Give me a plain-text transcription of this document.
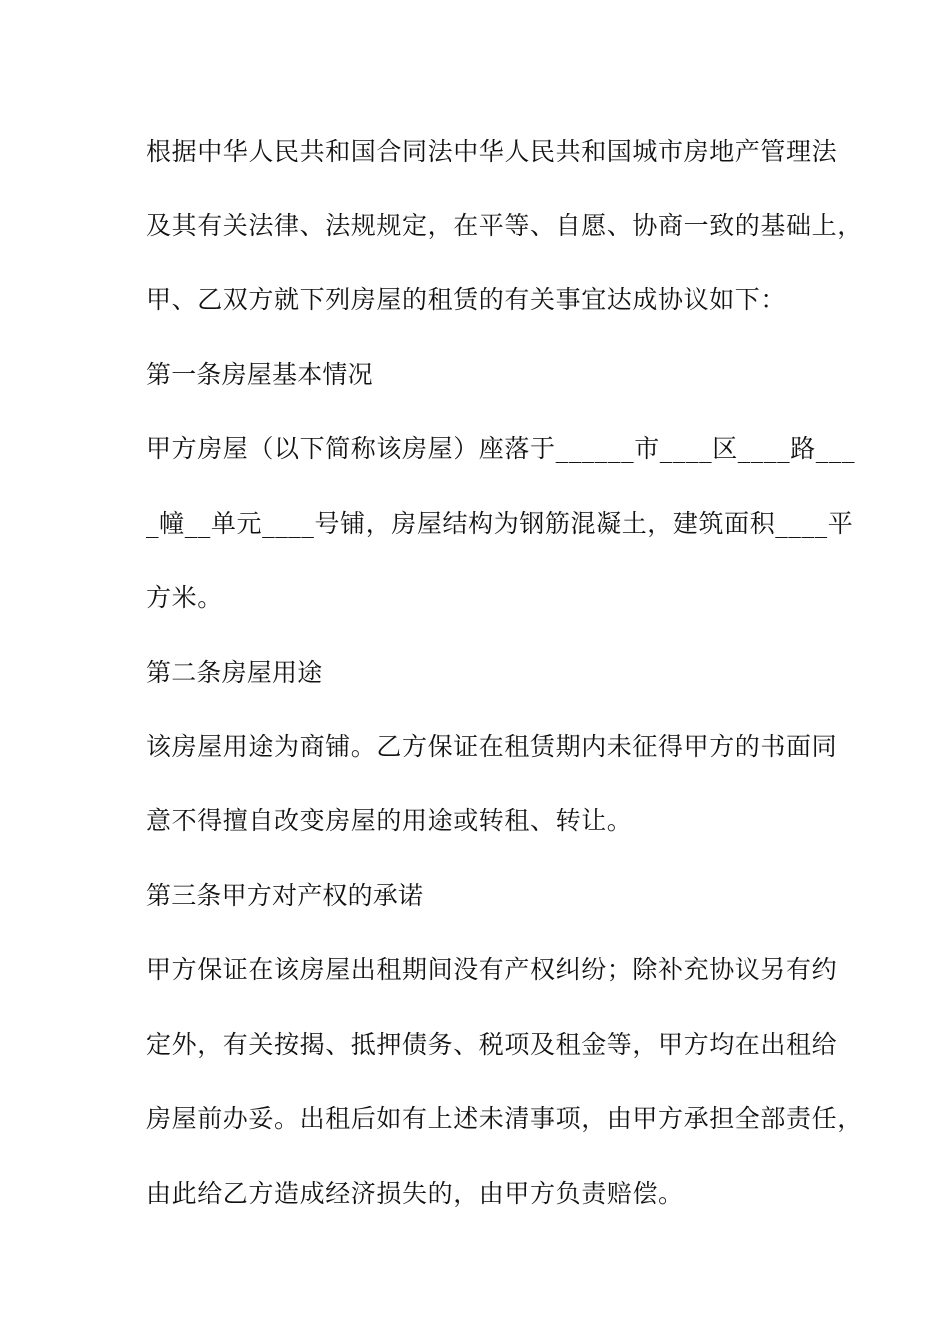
根据中华人民共和国合同法中华人民共和国城市房地产管理法
及其有关法律、法规规定，在平等、自愿、协商一致的基础上，
甲、乙双方就下列房屋的租赁的有关事宜达成协议如下：
第一条房屋基本情况
甲方房屋（以下简称该房屋）座落于______市____区____路___
_幢__单元____号铺，房屋结构为钢筋混凝土，建筑面积____平
方米。
第二条房屋用途
该房屋用途为商铺。乙方保证在租赁期内未征得甲方的书面同
意不得擅自改变房屋的用途或转租、转让。
第三条甲方对产权的承诺
甲方保证在该房屋出租期间没有产权纠纷；除补充协议另有约
定外，有关按揭、抵押债务、税项及租金等，甲方均在出租给
房屋前办妥。出租后如有上述未清事项，由甲方承担全部责任，
由此给乙方造成经济损失的，由甲方负责赔偿。
